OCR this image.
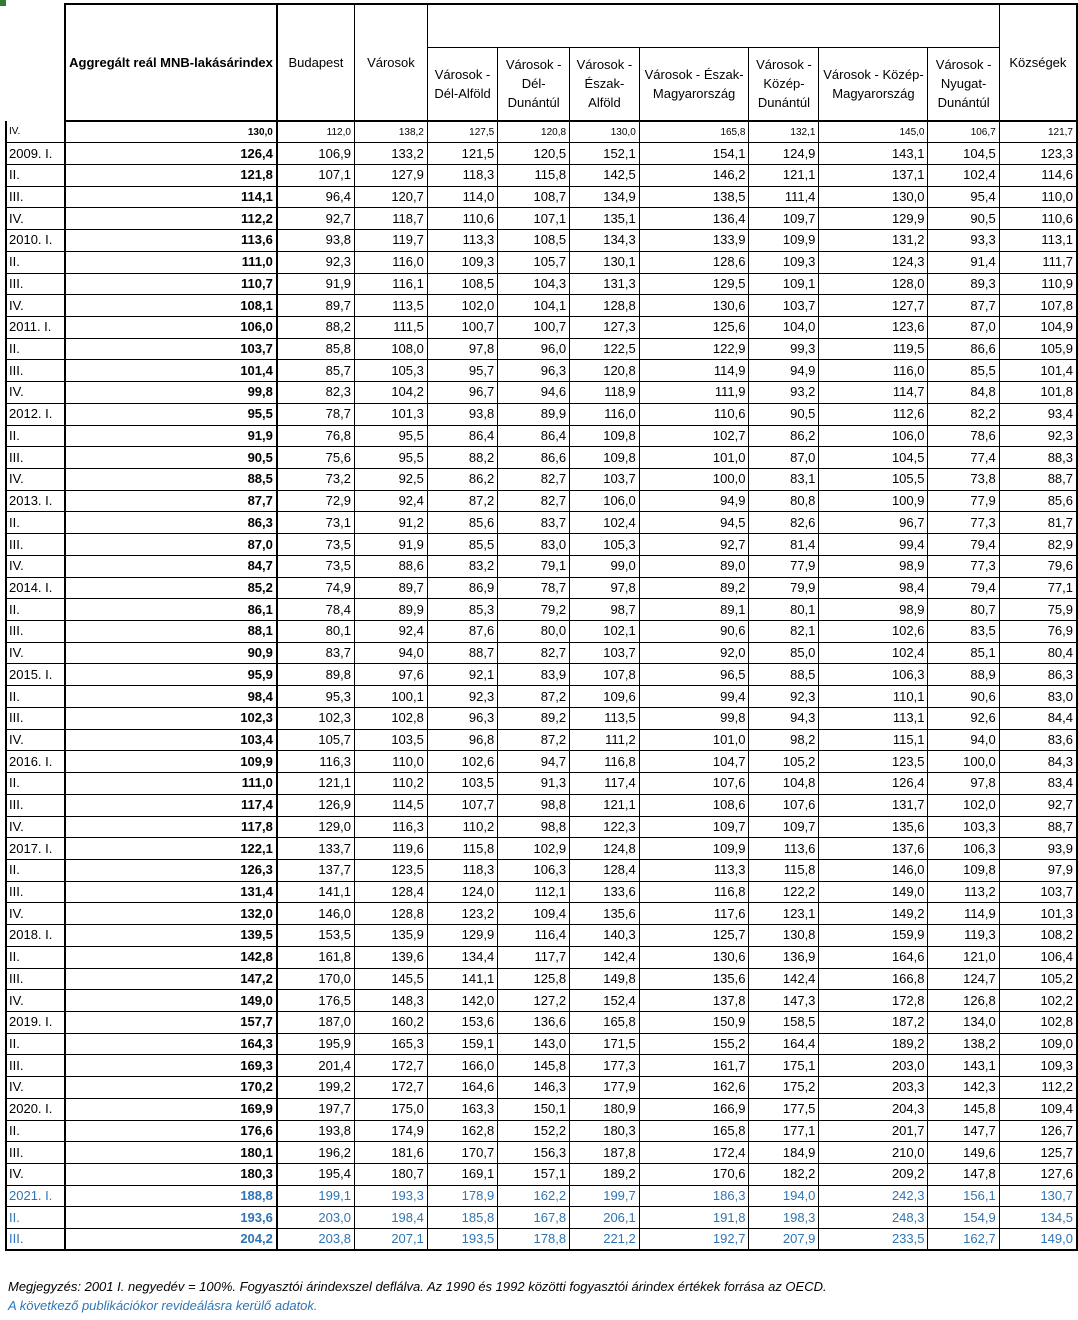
	Aggregált reál MNB-lakásárindex	Budapest	Városok								Községek
				Városok - Dél-Alföld	Városok - Dél-Dunántúl	Városok - Észak-Alföld	Városok - Észak-Magyarország	Városok - Közép-Dunántúl	Városok - Közép-Magyarország	Városok - Nyugat-Dunántúl	
IV.	130,0	112,0	138,2	127,5	120,8	130,0	165,8	132,1	145,0	106,7	121,7
2009. I.	126,4	106,9	133,2	121,5	120,5	152,1	154,1	124,9	143,1	104,5	123,3
II.	121,8	107,1	127,9	118,3	115,8	142,5	146,2	121,1	137,1	102,4	114,6
III.	114,1	96,4	120,7	114,0	108,7	134,9	138,5	111,4	130,0	95,4	110,0
IV.	112,2	92,7	118,7	110,6	107,1	135,1	136,4	109,7	129,9	90,5	110,6
2010. I.	113,6	93,8	119,7	113,3	108,5	134,3	133,9	109,9	131,2	93,3	113,1
II.	111,0	92,3	116,0	109,3	105,7	130,1	128,6	109,3	124,3	91,4	111,7
III.	110,7	91,9	116,1	108,5	104,3	131,3	129,5	109,1	128,0	89,3	110,9
IV.	108,1	89,7	113,5	102,0	104,1	128,8	130,6	103,7	127,7	87,7	107,8
2011. I.	106,0	88,2	111,5	100,7	100,7	127,3	125,6	104,0	123,6	87,0	104,9
II.	103,7	85,8	108,0	97,8	96,0	122,5	122,9	99,3	119,5	86,6	105,9
III.	101,4	85,7	105,3	95,7	96,3	120,8	114,9	94,9	116,0	85,5	101,4
IV.	99,8	82,3	104,2	96,7	94,6	118,9	111,9	93,2	114,7	84,8	101,8
2012. I.	95,5	78,7	101,3	93,8	89,9	116,0	110,6	90,5	112,6	82,2	93,4
II.	91,9	76,8	95,5	86,4	86,4	109,8	102,7	86,2	106,0	78,6	92,3
III.	90,5	75,6	95,5	88,2	86,6	109,8	101,0	87,0	104,5	77,4	88,3
IV.	88,5	73,2	92,5	86,2	82,7	103,7	100,0	83,1	105,5	73,8	88,7
2013. I.	87,7	72,9	92,4	87,2	82,7	106,0	94,9	80,8	100,9	77,9	85,6
II.	86,3	73,1	91,2	85,6	83,7	102,4	94,5	82,6	96,7	77,3	81,7
III.	87,0	73,5	91,9	85,5	83,0	105,3	92,7	81,4	99,4	79,4	82,9
IV.	84,7	73,5	88,6	83,2	79,1	99,0	89,0	77,9	98,9	77,3	79,6
2014. I.	85,2	74,9	89,7	86,9	78,7	97,8	89,2	79,9	98,4	79,4	77,1
II.	86,1	78,4	89,9	85,3	79,2	98,7	89,1	80,1	98,9	80,7	75,9
III.	88,1	80,1	92,4	87,6	80,0	102,1	90,6	82,1	102,6	83,5	76,9
IV.	90,9	83,7	94,0	88,7	82,7	103,7	92,0	85,0	102,4	85,1	80,4
2015. I.	95,9	89,8	97,6	92,1	83,9	107,8	96,5	88,5	106,3	88,9	86,3
II.	98,4	95,3	100,1	92,3	87,2	109,6	99,4	92,3	110,1	90,6	83,0
III.	102,3	102,3	102,8	96,3	89,2	113,5	99,8	94,3	113,1	92,6	84,4
IV.	103,4	105,7	103,5	96,8	87,2	111,2	101,0	98,2	115,1	94,0	83,6
2016. I.	109,9	116,3	110,0	102,6	94,7	116,8	104,7	105,2	123,5	100,0	84,3
II.	111,0	121,1	110,2	103,5	91,3	117,4	107,6	104,8	126,4	97,8	83,4
III.	117,4	126,9	114,5	107,7	98,8	121,1	108,6	107,6	131,7	102,0	92,7
IV.	117,8	129,0	116,3	110,2	98,8	122,3	109,7	109,7	135,6	103,3	88,7
2017. I.	122,1	133,7	119,6	115,8	102,9	124,8	109,9	113,6	137,6	106,3	93,9
II.	126,3	137,7	123,5	118,3	106,3	128,4	113,3	115,8	146,0	109,8	97,9
III.	131,4	141,1	128,4	124,0	112,1	133,6	116,8	122,2	149,0	113,2	103,7
IV.	132,0	146,0	128,8	123,2	109,4	135,6	117,6	123,1	149,2	114,9	101,3
2018. I.	139,5	153,5	135,9	129,9	116,4	140,3	125,7	130,8	159,9	119,3	108,2
II.	142,8	161,8	139,6	134,4	117,7	142,4	130,6	136,9	164,6	121,0	106,4
III.	147,2	170,0	145,5	141,1	125,8	149,8	135,6	142,4	166,8	124,7	105,2
IV.	149,0	176,5	148,3	142,0	127,2	152,4	137,8	147,3	172,8	126,8	102,2
2019. I.	157,7	187,0	160,2	153,6	136,6	165,8	150,9	158,5	187,2	134,0	102,8
II.	164,3	195,9	165,3	159,1	143,0	171,5	155,2	164,4	189,2	138,2	109,0
III.	169,3	201,4	172,7	166,0	145,8	177,3	161,7	175,1	203,0	143,1	109,3
IV.	170,2	199,2	172,7	164,6	146,3	177,9	162,6	175,2	203,3	142,3	112,2
2020. I.	169,9	197,7	175,0	163,3	150,1	180,9	166,9	177,5	204,3	145,8	109,4
II.	176,6	193,8	174,9	162,8	152,2	180,3	165,8	177,1	201,7	147,7	126,7
III.	180,1	196,2	181,6	170,7	156,3	187,8	172,4	184,9	210,0	149,6	125,7
IV.	180,3	195,4	180,7	169,1	157,1	189,2	170,6	182,2	209,2	147,8	127,6
2021. I.	188,8	199,1	193,3	178,9	162,2	199,7	186,3	194,0	242,3	156,1	130,7
II.	193,6	203,0	198,4	185,8	167,8	206,1	191,8	198,3	248,3	154,9	134,5
III.	204,2	203,8	207,1	193,5	178,8	221,2	192,7	207,9	233,5	162,7	149,0
Megjegyzés: 2001 I. negyedév = 100%. Fogyasztói árindexszel deflálva. Az 1990 és 1992 közötti fogyasztói árindex értékek forrása az OECD.
A következő publikációkor revideálásra kerülő adatok.
